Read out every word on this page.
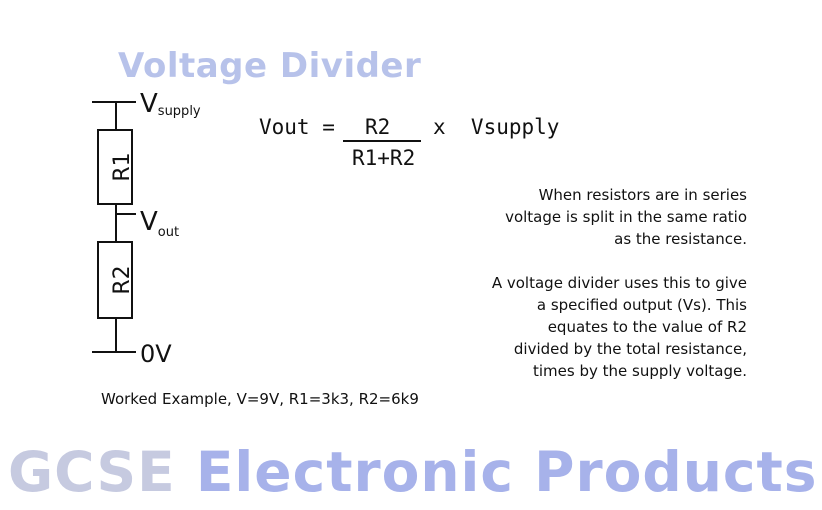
Voltage Divider
R1
R2
Vsupply
$V_{out}$
0V
Vout = R2
R1+R2
x  Vsupply
When resistors are in series
voltage is split in the same ratio
as the resistance.
A voltage divider uses this to give
a specified output (Vs). This
equates to the value of R2
divided by the total resistance,
times by the supply voltage.
Worked Example, V=9V, R1=3k3, R2=6k9
GCSE Electronic Products
